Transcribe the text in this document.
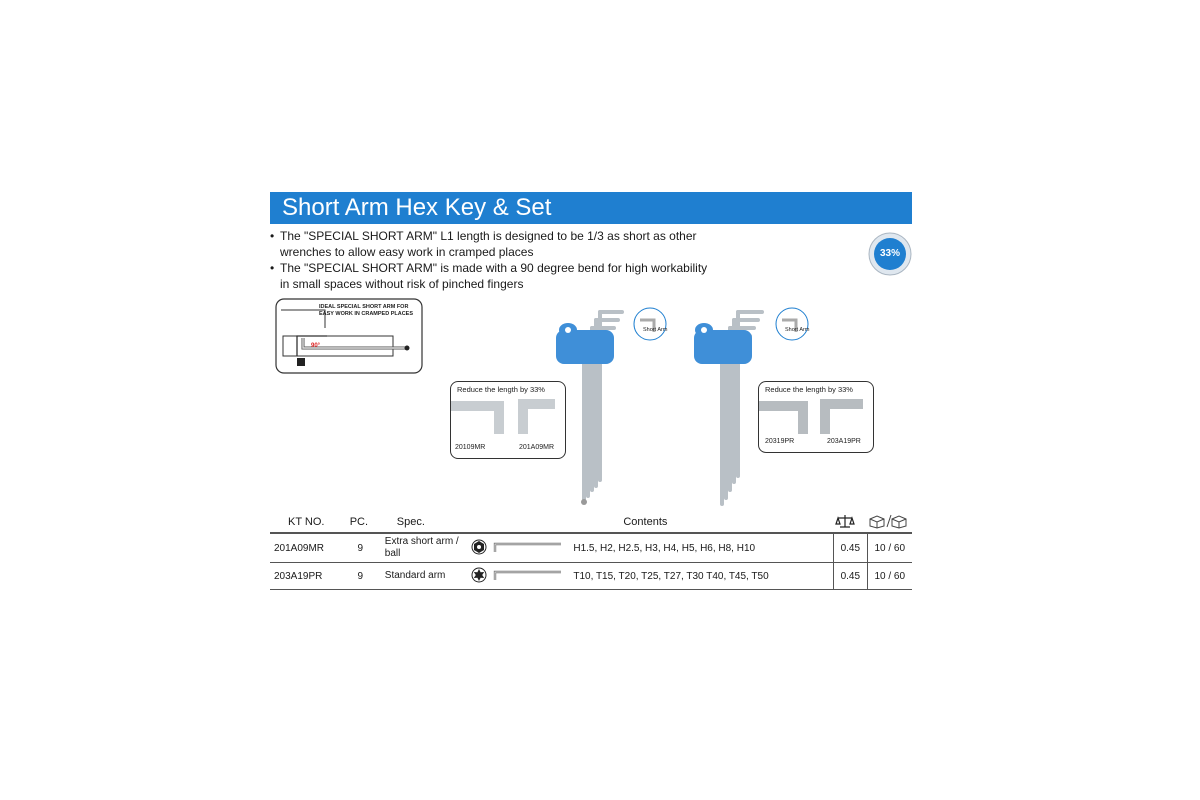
Short Arm Hex Key & Set

• The "SPECIAL SHORT ARM" L1 length is designed to be 1/3 as short as other wrenches to allow easy work in cramped places

• The "SPECIAL SHORT ARM" is made with a 90 degree bend for high workability in small spaces without risk of pinched fingers

33%
IDEAL SPECIAL SHORT ARM FOR EASY WORK IN CRAMPED PLACES
90°
Short Arm	Short Arm
Reduce the length by 33%
20109MR	201A09MR
Reduce the length by 33%
20319PR	203A19PR
KT NO.	PC.	Spec.			Contents		
201A09MR	9	Extra short arm / ball			H1.5, H2, H2.5, H3, H4, H5, H6, H8, H10	0.45	10 / 60
203A19PR	9	Standard arm			T10, T15, T20, T25, T27, T30 T40, T45, T50	0.45	10 / 60
